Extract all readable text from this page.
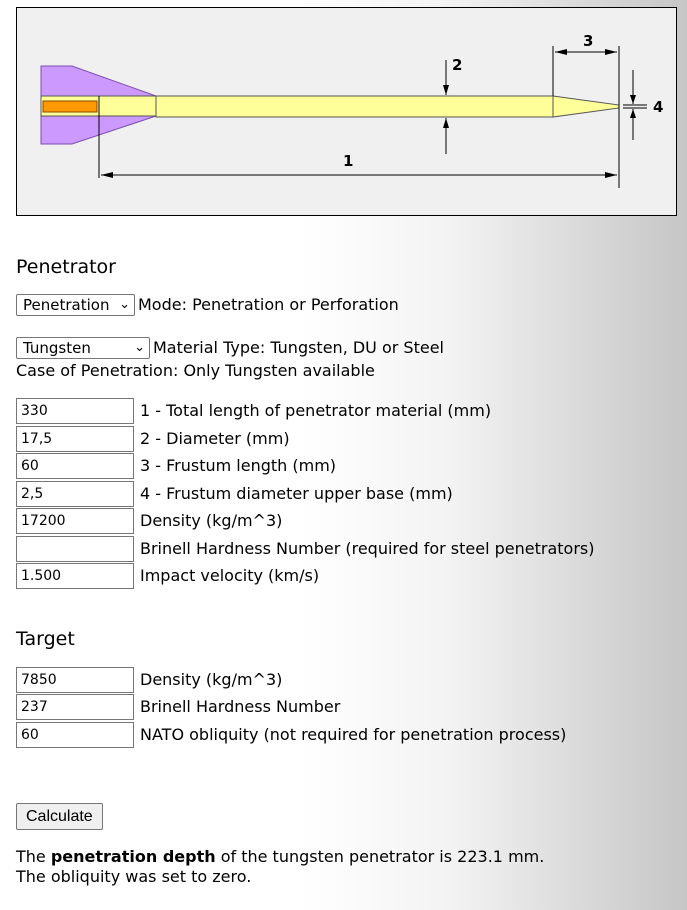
1
2
3
4
Penetrator
Penetration ⌄ Mode: Penetration or Perforation
Tungsten	⌄ Material Type: Tungsten, DU or Steel
Case of Penetration: Only Tungsten available
330
1 - Total length of penetrator material (mm)
17,5
2 - Diameter (mm)
60
3 - Frustum length (mm)
2,5
4 - Frustum diameter upper base (mm)
17200
Density (kg/m^3)
Brinell Hardness Number (required for steel penetrators)
1.500
Impact velocity (km/s)
Target
7850
Density (kg/m^3)
237
Brinell Hardness Number
60
NATO obliquity (not required for penetration process)
Calculate
The penetration depth of the tungsten penetrator is 223.1 mm.
The obliquity was set to zero.
